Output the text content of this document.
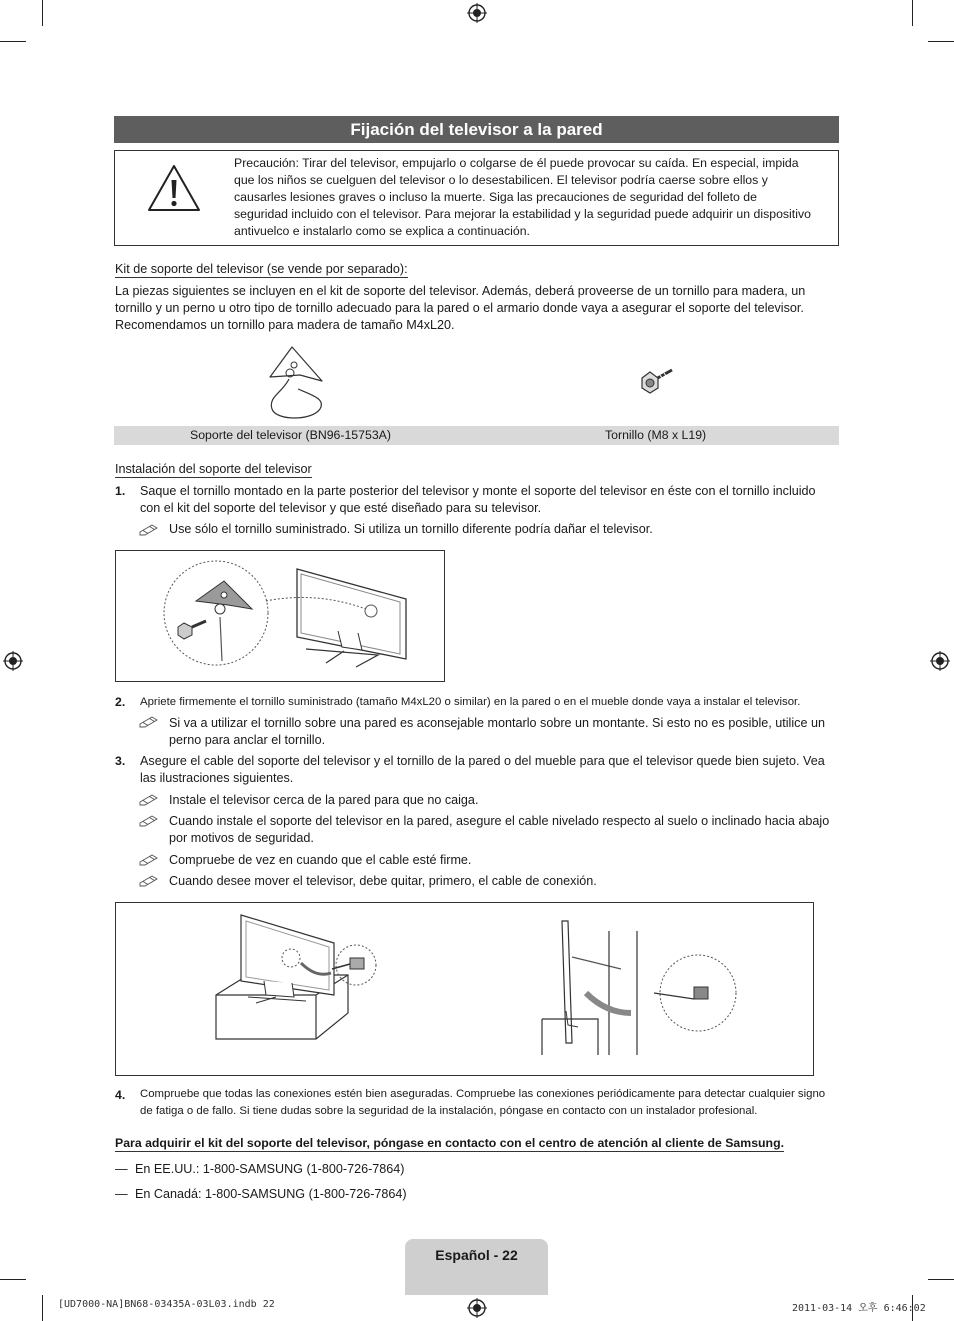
Fijación del televisor a la pared
Precaución: Tirar del televisor, empujarlo o colgarse de él puede provocar su caída. En especial, impida que los niños se cuelguen del televisor o lo desestabilicen. El televisor podría caerse sobre ellos y causarles lesiones graves o incluso la muerte. Siga las precauciones de seguridad del folleto de seguridad incluido con el televisor. Para mejorar la estabilidad y la seguridad puede adquirir un dispositivo antivuelco e instalarlo como se explica a continuación.
Kit de soporte del televisor (se vende por separado):
La piezas siguientes se incluyen en el kit de soporte del televisor. Además, deberá proveerse de un tornillo para madera, un tornillo y un perno u otro tipo de tornillo adecuado para la pared o el armario donde vaya a asegurar el soporte del televisor. Recomendamos un tornillo para madera de tamaño M4xL20.
Soporte del televisor (BN96-15753A)	Tornillo (M8 x L19)
Instalación del soporte del televisor
1. Saque el tornillo montado en la parte posterior del televisor y monte el soporte del televisor en éste con el tornillo incluido con el kit del soporte del televisor y que esté diseñado para su televisor.
Use sólo el tornillo suministrado. Si utiliza un tornillo diferente podría dañar el televisor.
2. Apriete firmemente el tornillo suministrado (tamaño M4xL20 o similar) en la pared o en el mueble donde vaya a instalar el televisor.
Si va a utilizar el tornillo sobre una pared es aconsejable montarlo sobre un montante. Si esto no es posible, utilice un perno para anclar el tornillo.
3. Asegure el cable del soporte del televisor y el tornillo de la pared o del mueble para que el televisor quede bien sujeto. Vea las ilustraciones siguientes.
Instale el televisor cerca de la pared para que no caiga.
Cuando instale el soporte del televisor en la pared, asegure el cable nivelado respecto al suelo o inclinado hacia abajo por motivos de seguridad.
Compruebe de vez en cuando que el cable esté firme.
Cuando desee mover el televisor, debe quitar, primero, el cable de conexión.
4. Compruebe que todas las conexiones estén bien aseguradas. Compruebe las conexiones periódicamente para detectar cualquier signo de fatiga o de fallo. Si tiene dudas sobre la seguridad de la instalación, póngase en contacto con un instalador profesional.
Para adquirir el kit del soporte del televisor, póngase en contacto con el centro de atención al cliente de Samsung.
— En EE.UU.: 1-800-SAMSUNG (1-800-726-7864)
— En Canadá: 1-800-SAMSUNG (1-800-726-7864)
Español - 22
[UD7000-NA]BN68-03435A-03L03.indb 22	2011-03-14 오후 6:46:02
